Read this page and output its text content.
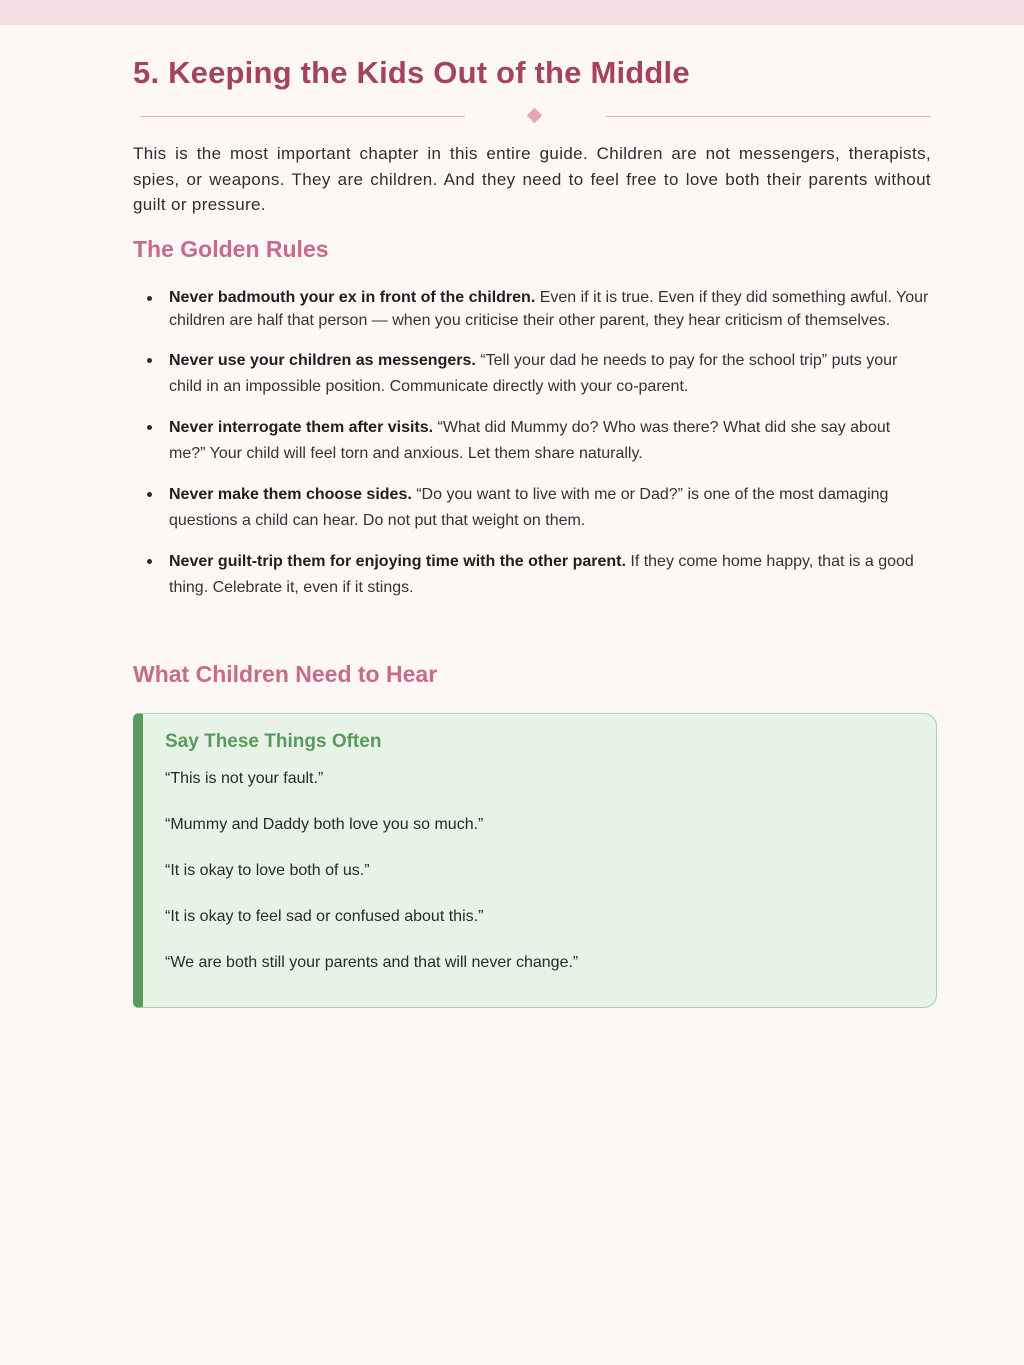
5. Keeping the Kids Out of the Middle

This is the most important chapter in this entire guide. Children are not messengers, therapists, spies, or weapons. They are children. And they need to feel free to love both their parents without guilt or pressure.

The Golden Rules
Never badmouth your ex in front of the children. Even if it is true. Even if they did something awful. Your children are half that person — when you criticise their other parent, they hear criticism of themselves.
Never use your children as messengers. “Tell your dad he needs to pay for the school trip” puts your child in an impossible position. Communicate directly with your co-parent.
Never interrogate them after visits. “What did Mummy do? Who was there? What did she say about me?” Your child will feel torn and anxious. Let them share naturally.
Never make them choose sides. “Do you want to live with me or Dad?” is one of the most damaging questions a child can hear. Do not put that weight on them.
Never guilt-trip them for enjoying time with the other parent. If they come home happy, that is a good thing. Celebrate it, even if it stings.
What Children Need to Hear
Say These Things Often

“This is not your fault.”

“Mummy and Daddy both love you so much.”

“It is okay to love both of us.”

“It is okay to feel sad or confused about this.”

“We are both still your parents and that will never change.”
